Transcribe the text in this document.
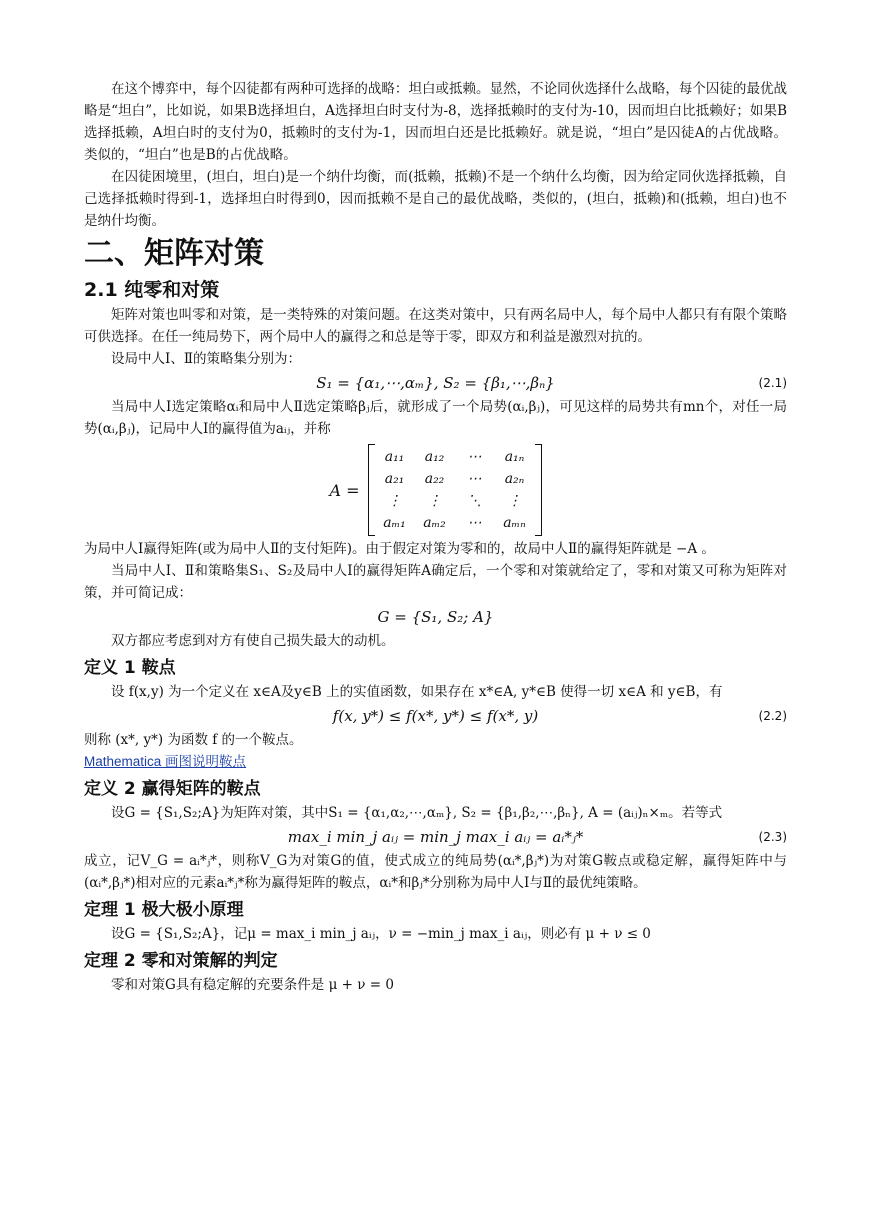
在这个博弈中，每个囚徒都有两种可选择的战略：坦白或抵赖。显然，不论同伙选择什么战略，每个囚徒的最优战略是“坦白”，比如说，如果B选择坦白，A选择坦白时支付为-8，选择抵赖时的支付为-10，因而坦白比抵赖好；如果B选择抵赖，A坦白时的支付为0，抵赖时的支付为-1，因而坦白还是比抵赖好。就是说，“坦白”是囚徒A的占优战略。类似的，“坦白”也是B的占优战略。

在囚徒困境里，(坦白，坦白)是一个纳什均衡，而(抵赖，抵赖)不是一个纳什么均衡，因为给定同伙选择抵赖，自己选择抵赖时得到-1，选择坦白时得到0，因而抵赖不是自己的最优战略，类似的，(坦白，抵赖)和(抵赖，坦白)也不是纳什均衡。

二、矩阵对策
2.1 纯零和对策

矩阵对策也叫零和对策，是一类特殊的对策问题。在这类对策中，只有两名局中人，每个局中人都只有有限个策略可供选择。在任一纯局势下，两个局中人的赢得之和总是等于零，即双方和利益是激烈对抗的。

设局中人Ⅰ、Ⅱ的策略集分别为：

S₁ = {α₁,⋯,αₘ}, S₂ = {β₁,⋯,βₙ}	(2.1)

当局中人Ⅰ选定策略αᵢ和局中人Ⅱ选定策略βⱼ后，就形成了一个局势(αᵢ,βⱼ)，可见这样的局势共有mn个，对任一局势(αᵢ,βⱼ)，记局中人Ⅰ的赢得值为aᵢⱼ，并称

A =
a₁₁	a₁₂	⋯	a₁ₙ
a₂₁	a₂₂	⋯	a₂ₙ
⋮	⋮	⋱	⋮
aₘ₁	aₘ₂	⋯	aₘₙ

为局中人Ⅰ赢得矩阵(或为局中人Ⅱ的支付矩阵)。由于假定对策为零和的，故局中人Ⅱ的赢得矩阵就是 −A 。

当局中人Ⅰ、Ⅱ和策略集S₁、S₂及局中人Ⅰ的赢得矩阵A确定后，一个零和对策就给定了，零和对策又可称为矩阵对策，并可简记成：

G = {S₁, S₂; A}

双方都应考虑到对方有使自己损失最大的动机。

定义 1 鞍点

设 f(x,y) 为一个定义在 x∈A及y∈B 上的实值函数，如果存在 x*∈A, y*∈B 使得一切 x∈A 和 y∈B，有

f(x, y*) ≤ f(x*, y*) ≤ f(x*, y)	(2.2)

则称 (x*, y*) 为函数 f 的一个鞍点。

Mathematica 画图说明鞍点
定义 2 赢得矩阵的鞍点

设G = {S₁,S₂;A}为矩阵对策，其中S₁ = {α₁,α₂,⋯,αₘ}, S₂ = {β₁,β₂,⋯,βₙ}, A = (aᵢⱼ)ₙ×ₘ。若等式

max_i min_j aᵢⱼ = min_j max_i aᵢⱼ = aᵢ*ⱼ*	(2.3)

成立，记V_G = aᵢ*ⱼ*，则称V_G为对策G的值，使式成立的纯局势(αᵢ*,βⱼ*)为对策G鞍点或稳定解，赢得矩阵中与(αᵢ*,βⱼ*)相对应的元素aᵢ*ⱼ*称为赢得矩阵的鞍点，αᵢ*和βⱼ*分别称为局中人Ⅰ与Ⅱ的最优纯策略。

定理 1 极大极小原理

设G = {S₁,S₂;A}，记μ = max_i min_j aᵢⱼ，ν = −min_j max_i aᵢⱼ，则必有 μ + ν ≤ 0

定理 2 零和对策解的判定

零和对策G具有稳定解的充要条件是 μ + ν = 0
